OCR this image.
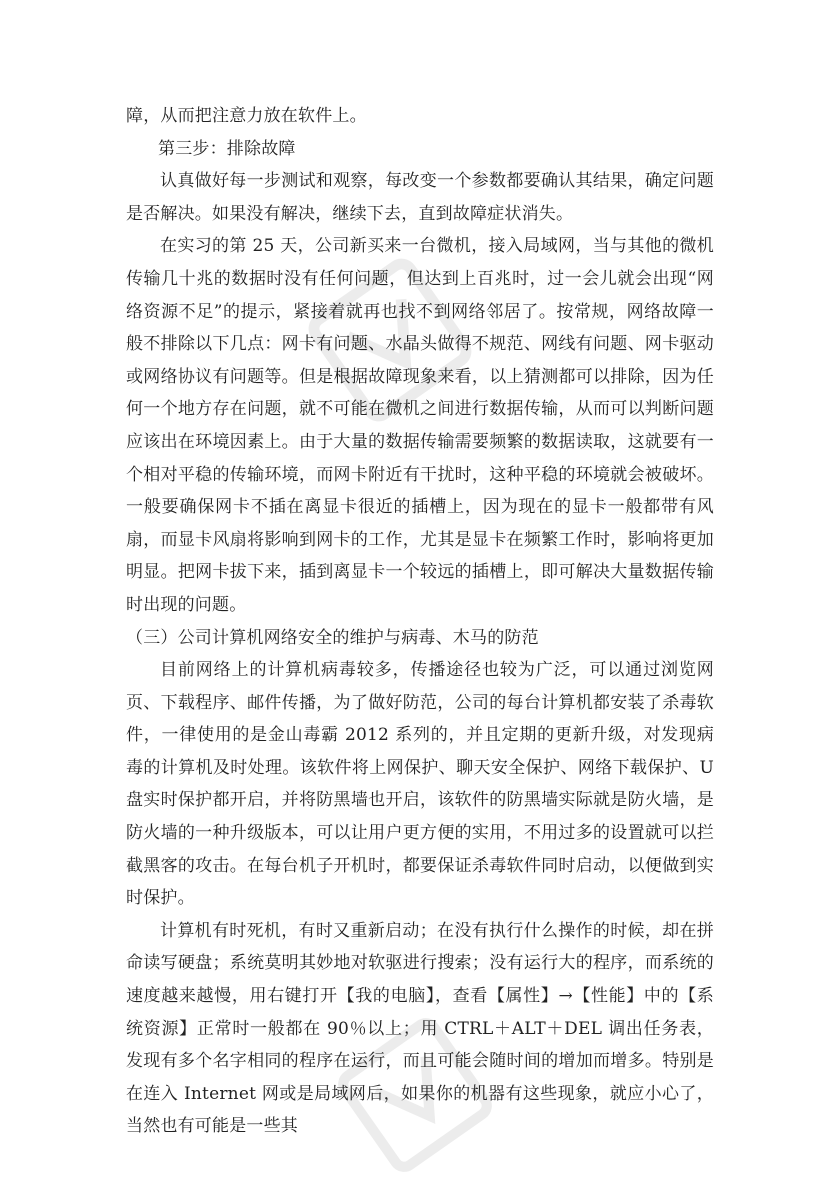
障，从而把注意力放在软件上。

第三步：排除故障

认真做好每一步测试和观察，每改变一个参数都要确认其结果，确定问题是否解决。如果没有解决，继续下去，直到故障症状消失。

在实习的第 25 天，公司新买来一台微机，接入局域网，当与其他的微机传输几十兆的数据时没有任何问题，但达到上百兆时，过一会儿就会出现“网络资源不足”的提示，紧接着就再也找不到网络邻居了。按常规，网络故障一般不排除以下几点：网卡有问题、水晶头做得不规范、网线有问题、网卡驱动或网络协议有问题等。但是根据故障现象来看，以上猜测都可以排除，因为任何一个地方存在问题，就不可能在微机之间进行数据传输，从而可以判断问题应该出在环境因素上。由于大量的数据传输需要频繁的数据读取，这就要有一个相对平稳的传输环境，而网卡附近有干扰时，这种平稳的环境就会被破坏。一般要确保网卡不插在离显卡很近的插槽上，因为现在的显卡一般都带有风扇，而显卡风扇将影响到网卡的工作，尤其是显卡在频繁工作时，影响将更加明显。把网卡拔下来，插到离显卡一个较远的插槽上，即可解决大量数据传输时出现的问题。

（三）公司计算机网络安全的维护与病毒、木马的防范

目前网络上的计算机病毒较多，传播途径也较为广泛，可以通过浏览网页、下载程序、邮件传播，为了做好防范，公司的每台计算机都安装了杀毒软件，一律使用的是金山毒霸 2012 系列的，并且定期的更新升级，对发现病毒的计算机及时处理。该软件将上网保护、聊天安全保护、网络下载保护、U 盘实时保护都开启，并将防黑墙也开启，该软件的防黑墙实际就是防火墙，是防火墙的一种升级版本，可以让用户更方便的实用，不用过多的设置就可以拦截黑客的攻击。在每台机子开机时，都要保证杀毒软件同时启动，以便做到实时保护。

计算机有时死机，有时又重新启动；在没有执行什么操作的时候，却在拼命读写硬盘；系统莫明其妙地对软驱进行搜索；没有运行大的程序，而系统的速度越来越慢，用右键打开【我的电脑】，查看【属性】→【性能】中的【系统资源】正常时一般都在 90％以上；用 CTRL＋ALT＋DEL 调出任务表，发现有多个名字相同的程序在运行，而且可能会随时间的增加而增多。特别是在连入 Internet 网或是局域网后，如果你的机器有这些现象，就应小心了，当然也有可能是一些其
